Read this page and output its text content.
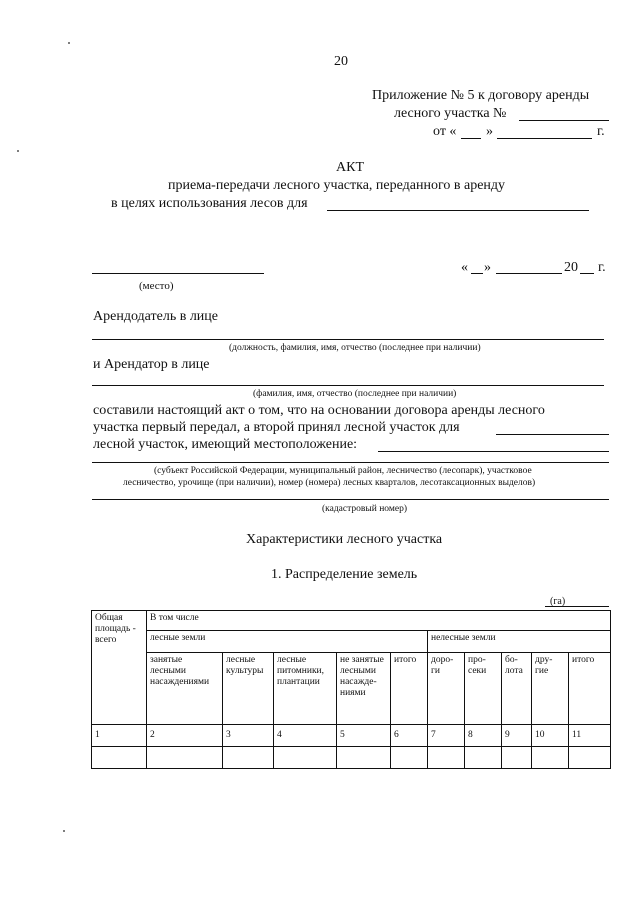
20
Приложение № 5 к договору аренды
лесного участка №
от « »	г.
АКТ
приема-передачи лесного участка, переданного в аренду
в целях использования лесов для
« »	20 г.
(место)
Арендодатель в лице
(должность, фамилия, имя, отчество (последнее при наличии)
и Арендатор в лице
(фамилия, имя, отчество (последнее при наличии)
составили настоящий акт о том, что на основании договора аренды лесного
участка первый передал, а второй принял лесной участок для
лесной участок, имеющий местоположение:
(субъект Российской Федерации, муниципальный район, лесничество (лесопарк), участковое
лесничество, урочище (при наличии), номер (номера) лесных кварталов, лесотаксационных выделов)
(кадастровый номер)
Характеристики лесного участка
1. Распределение земель
(га)
Общая площадь - всего	В том числе									
	лесные земли					нелесные земли				
	занятые лесными насаждениями	лесные культуры	лесные питомники, плантации	не занятые лесными насажде-ниями	итого	доро-ги	про-секи	бо-лота	дру-гие	итого
1	2	3	4	5	6	7	8	9	10	11
